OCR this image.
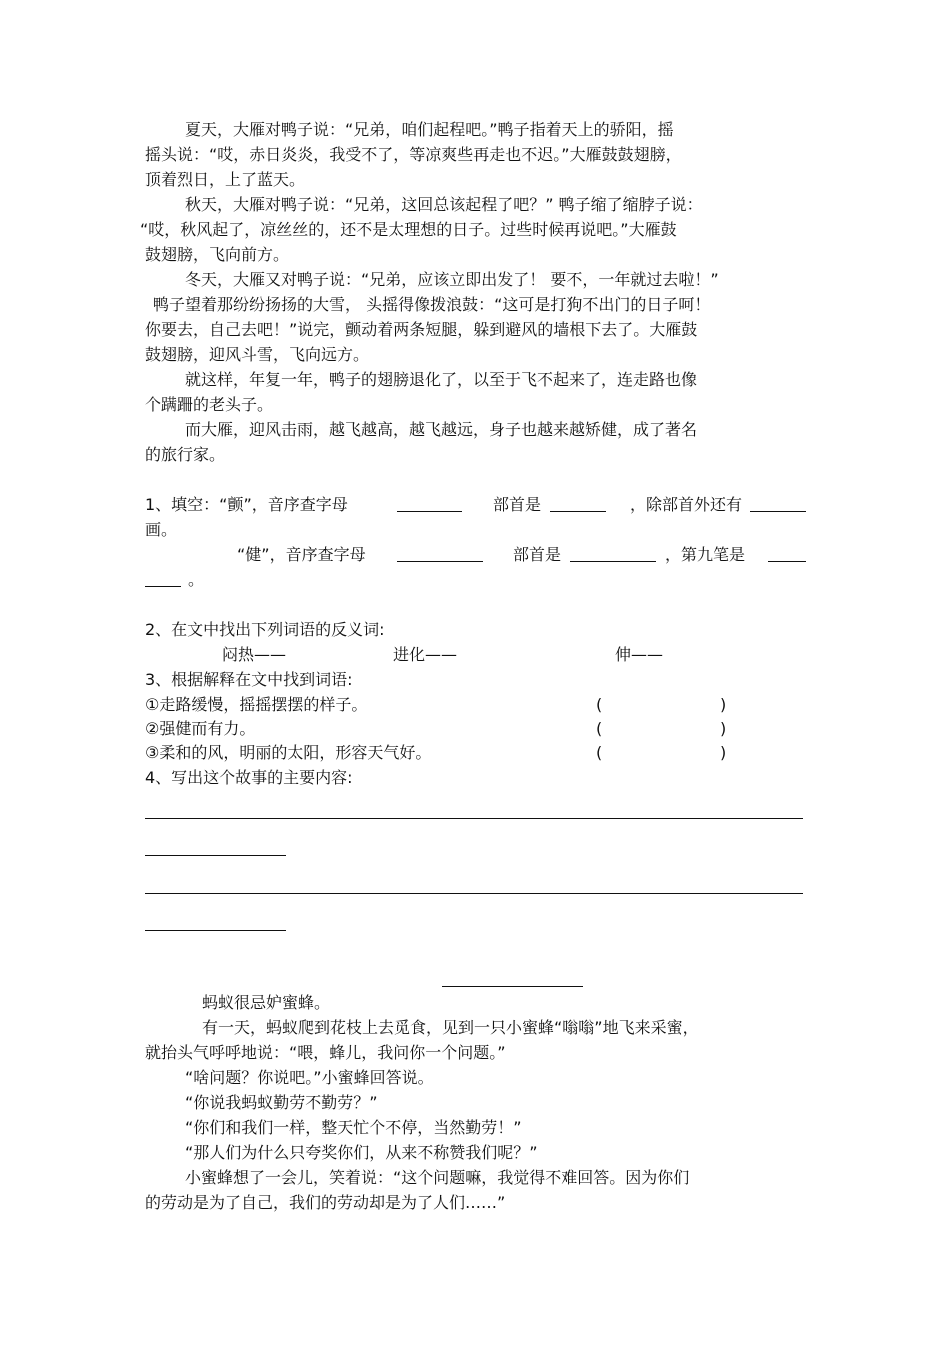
夏天，大雁对鸭子说：“兄弟，咱们起程吧。”鸭子指着天上的骄阳，摇
摇头说：“哎，赤日炎炎，我受不了，等凉爽些再走也不迟。”大雁鼓鼓翅膀，
顶着烈日，上了蓝天。
秋天，大雁对鸭子说：“兄弟，这回总该起程了吧？” 鸭子缩了缩脖子说：
“哎，秋风起了，凉丝丝的，还不是太理想的日子。过些时候再说吧。”大雁鼓
鼓翅膀，飞向前方。
冬天，大雁又对鸭子说：“兄弟，应该立即出发了！ 要不，一年就过去啦！”
鸭子望着那纷纷扬扬的大雪， 头摇得像拨浪鼓：“这可是打狗不出门的日子呵！
你要去，自己去吧！”说完，颤动着两条短腿，躲到避风的墙根下去了。大雁鼓
鼓翅膀，迎风斗雪，飞向远方。
就这样，年复一年，鸭子的翅膀退化了，以至于飞不起来了，连走路也像
个蹒跚的老头子。
而大雁，迎风击雨，越飞越高，越飞越远，身子也越来越矫健，成了著名
的旅行家。
1、填空：“颤”，音序查字母	部首是	，除部首外还有
画。
“健”，音序查字母	部首是	，第九笔是
。
2、在文中找出下列词语的反义词:
闷热——	进化——	伸——
3、根据解释在文中找到词语:
①走路缓慢，摇摇摆摆的样子。	(	)
②强健而有力。	(	)
③柔和的风，明丽的太阳，形容天气好。	(	)
4、写出这个故事的主要内容:
蚂蚁很忌妒蜜蜂。
有一天，蚂蚁爬到花枝上去觅食，见到一只小蜜蜂“嗡嗡”地飞来采蜜，
就抬头气呼呼地说：“喂，蜂儿，我问你一个问题。”
“啥问题？你说吧。”小蜜蜂回答说。
“你说我蚂蚁勤劳不勤劳？”
“你们和我们一样，整天忙个不停，当然勤劳！”
“那人们为什么只夸奖你们，从来不称赞我们呢？”
小蜜蜂想了一会儿，笑着说：“这个问题嘛，我觉得不难回答。因为你们
的劳动是为了自己，我们的劳动却是为了人们……”
